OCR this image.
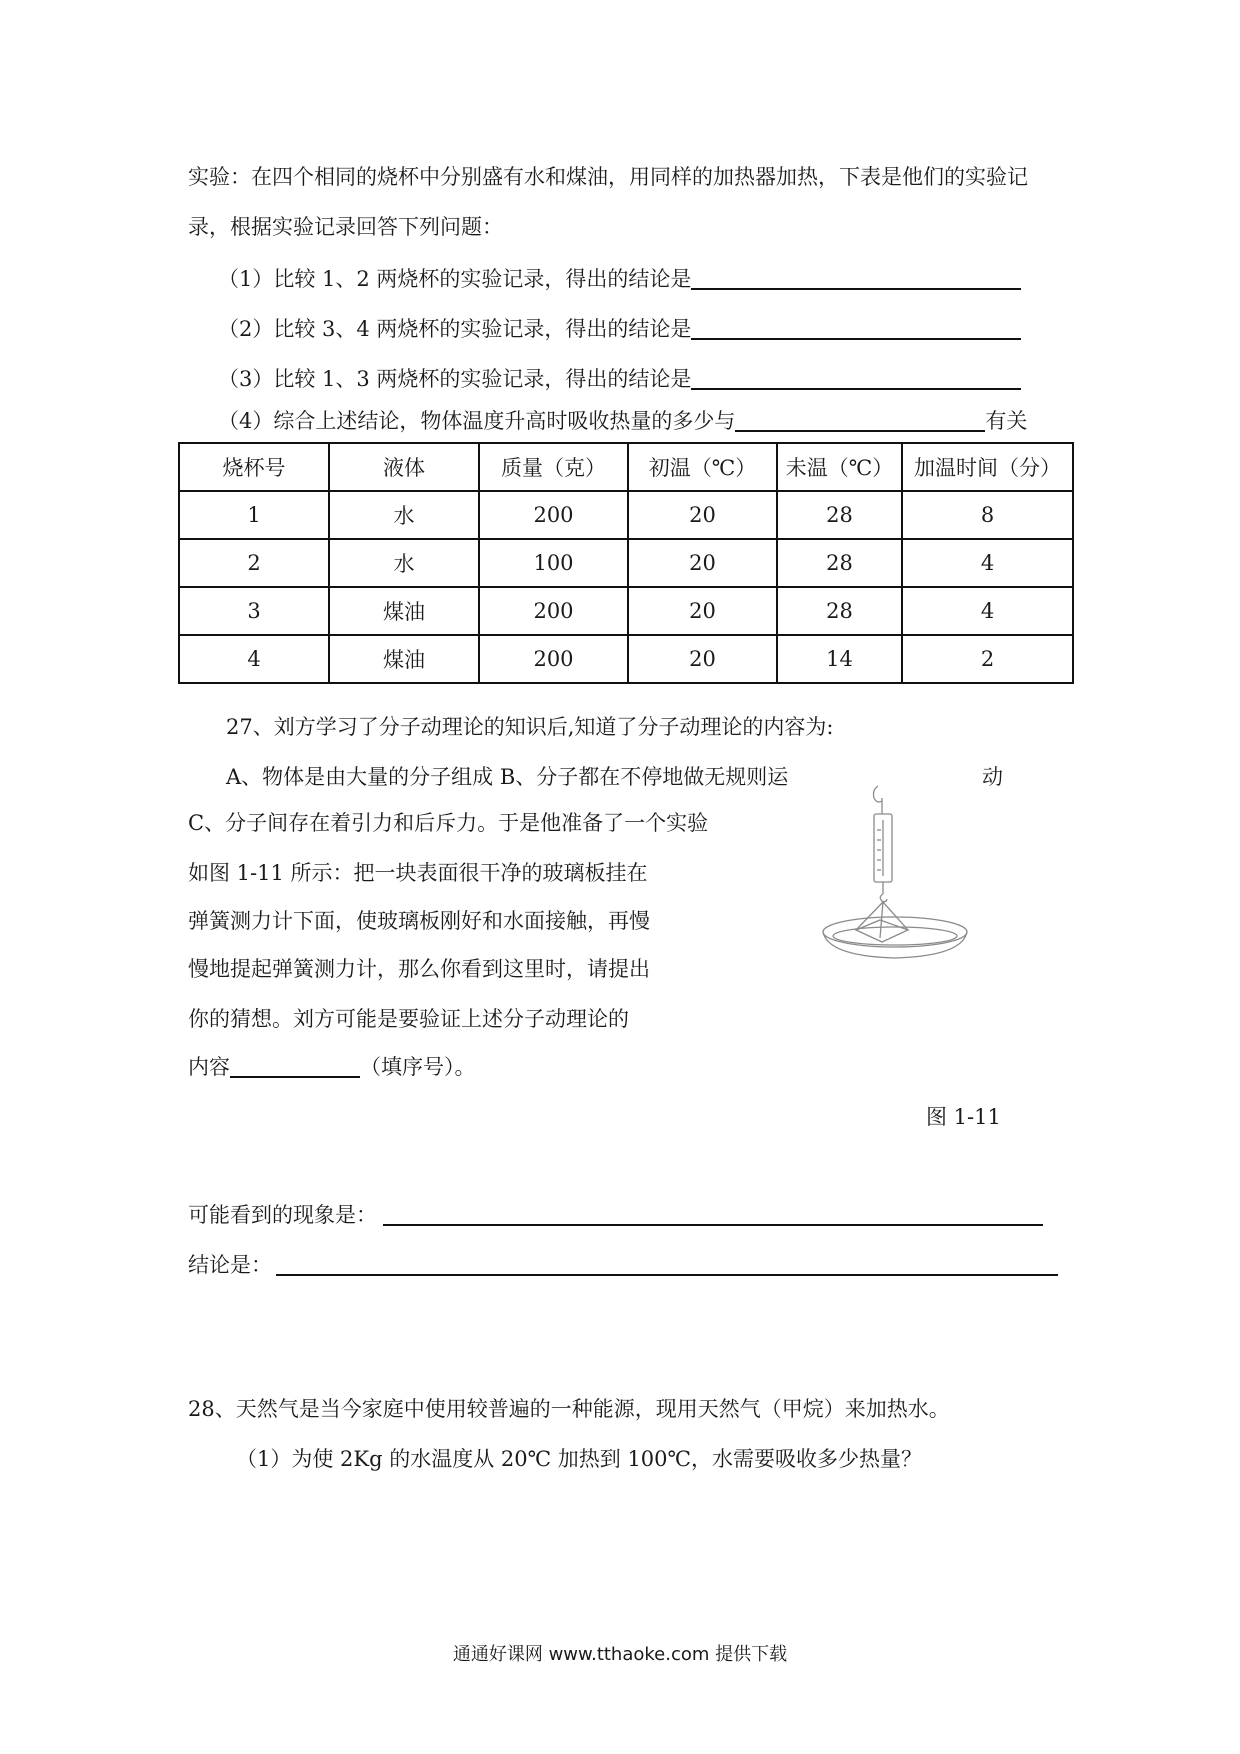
实验：在四个相同的烧杯中分别盛有水和煤油，用同样的加热器加热，下表是他们的实验记
录，根据实验记录回答下列问题：
（1）比较 1、2 两烧杯的实验记录，得出的结论是
（2）比较 3、4 两烧杯的实验记录，得出的结论是
（3）比较 1、3 两烧杯的实验记录，得出的结论是
（4）综合上述结论，物体温度升高时吸收热量的多少与	有关
烧杯号	液体	质量（克）	初温（℃）	未温（℃）	加温时间（分）
1	水	200	20	28	8
2	水	100	20	28	4
3	煤油	200	20	28	4
4	煤油	200	20	14	2
27、刘方学习了分子动理论的知识后,知道了分子动理论的内容为:
A、物体是由大量的分子组成 B、分子都在不停地做无规则运	动
C、分子间存在着引力和后斥力。于是他准备了一个实验
如图 1-11 所示：把一块表面很干净的玻璃板挂在
弹簧测力计下面，使玻璃板刚好和水面接触，再慢
慢地提起弹簧测力计，那么你看到这里时，请提出
你的猜想。刘方可能是要验证上述分子动理论的
内容	（填序号）。
图 1-11
可能看到的现象是：
结论是：
28、天然气是当今家庭中使用较普遍的一种能源，现用天然气（甲烷）来加热水。
（1）为使 2Kg 的水温度从 20℃ 加热到 100℃，水需要吸收多少热量？
通通好课网 www.tthaoke.com 提供下载
